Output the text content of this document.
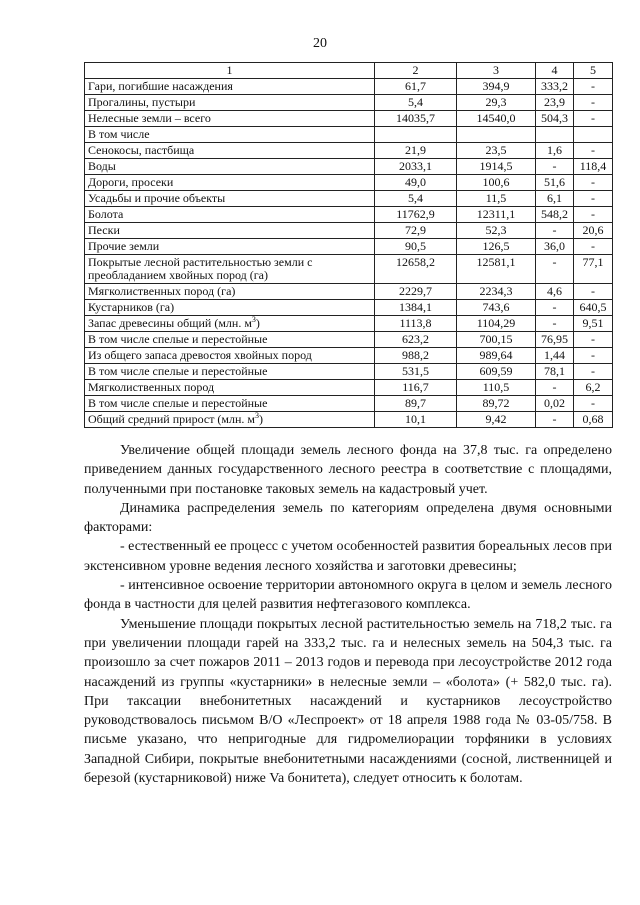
20
1	2	3	4	5
Гари, погибшие насаждения	61,7	394,9	333,2	-
Прогалины, пустыри	5,4	29,3	23,9	-
Нелесные земли – всего	14035,7	14540,0	504,3	-
В том числе				
Сенокосы, пастбища	21,9	23,5	1,6	-
Воды	2033,1	1914,5	-	118,4
Дороги, просеки	49,0	100,6	51,6	-
Усадьбы и прочие объекты	5,4	11,5	6,1	-
Болота	11762,9	12311,1	548,2	-
Пески	72,9	52,3	-	20,6
Прочие земли	90,5	126,5	36,0	-
Покрытые лесной растительностью земли с преобладанием хвойных пород (га)	12658,2	12581,1	-	77,1
Мягколиственных пород (га)	2229,7	2234,3	4,6	-
Кустарников (га)	1384,1	743,6	-	640,5
Запас древесины общий (млн. $м^3$)	1113,8	1104,29	-	9,51
В том числе спелые и перестойные	623,2	700,15	76,95	-
Из общего запаса древостоя хвойных пород	988,2	989,64	1,44	-
В том числе спелые и перестойные	531,5	609,59	78,1	-
Мягколиственных пород	116,7	110,5	-	6,2
В том числе спелые и перестойные	89,7	89,72	0,02	-
Общий средний прирост (млн. $м^3$)	10,1	9,42	-	0,68

Увеличение общей площади земель лесного фонда на 37,8 тыс. га определено приведением данных государственного лесного реестра в соответствие с площадями, полученными при постановке таковых земель на кадастровый учет.

Динамика распределения земель по категориям определена двумя основными факторами:

- естественный ее процесс с учетом особенностей развития бореальных лесов при экстенсивном уровне ведения лесного хозяйства и заготовки древесины;

- интенсивное освоение территории автономного округа в целом и земель лесного фонда в частности для целей развития нефтегазового комплекса.

Уменьшение площади покрытых лесной растительностью земель на 718,2 тыс. га при увеличении площади гарей на 333,2 тыс. га и нелесных земель на 504,3 тыс. га произошло за счет пожаров 2011 – 2013 годов и перевода при лесоустройстве 2012 года насаждений из группы «кустарники» в нелесные земли – «болота» (+ 582,0 тыс. га). При таксации внебонитетных насаждений и кустарников лесоустройство руководствовалось письмом В/О «Леспроект» от 18 апреля 1988 года № 03-05/758. В письме указано, что непригодные для гидромелиорации торфяники в условиях Западной Сибири, покрытые внебонитетными насаждениями (сосной, лиственницей и березой (кустарниковой) ниже Va бонитета), следует относить к болотам.
